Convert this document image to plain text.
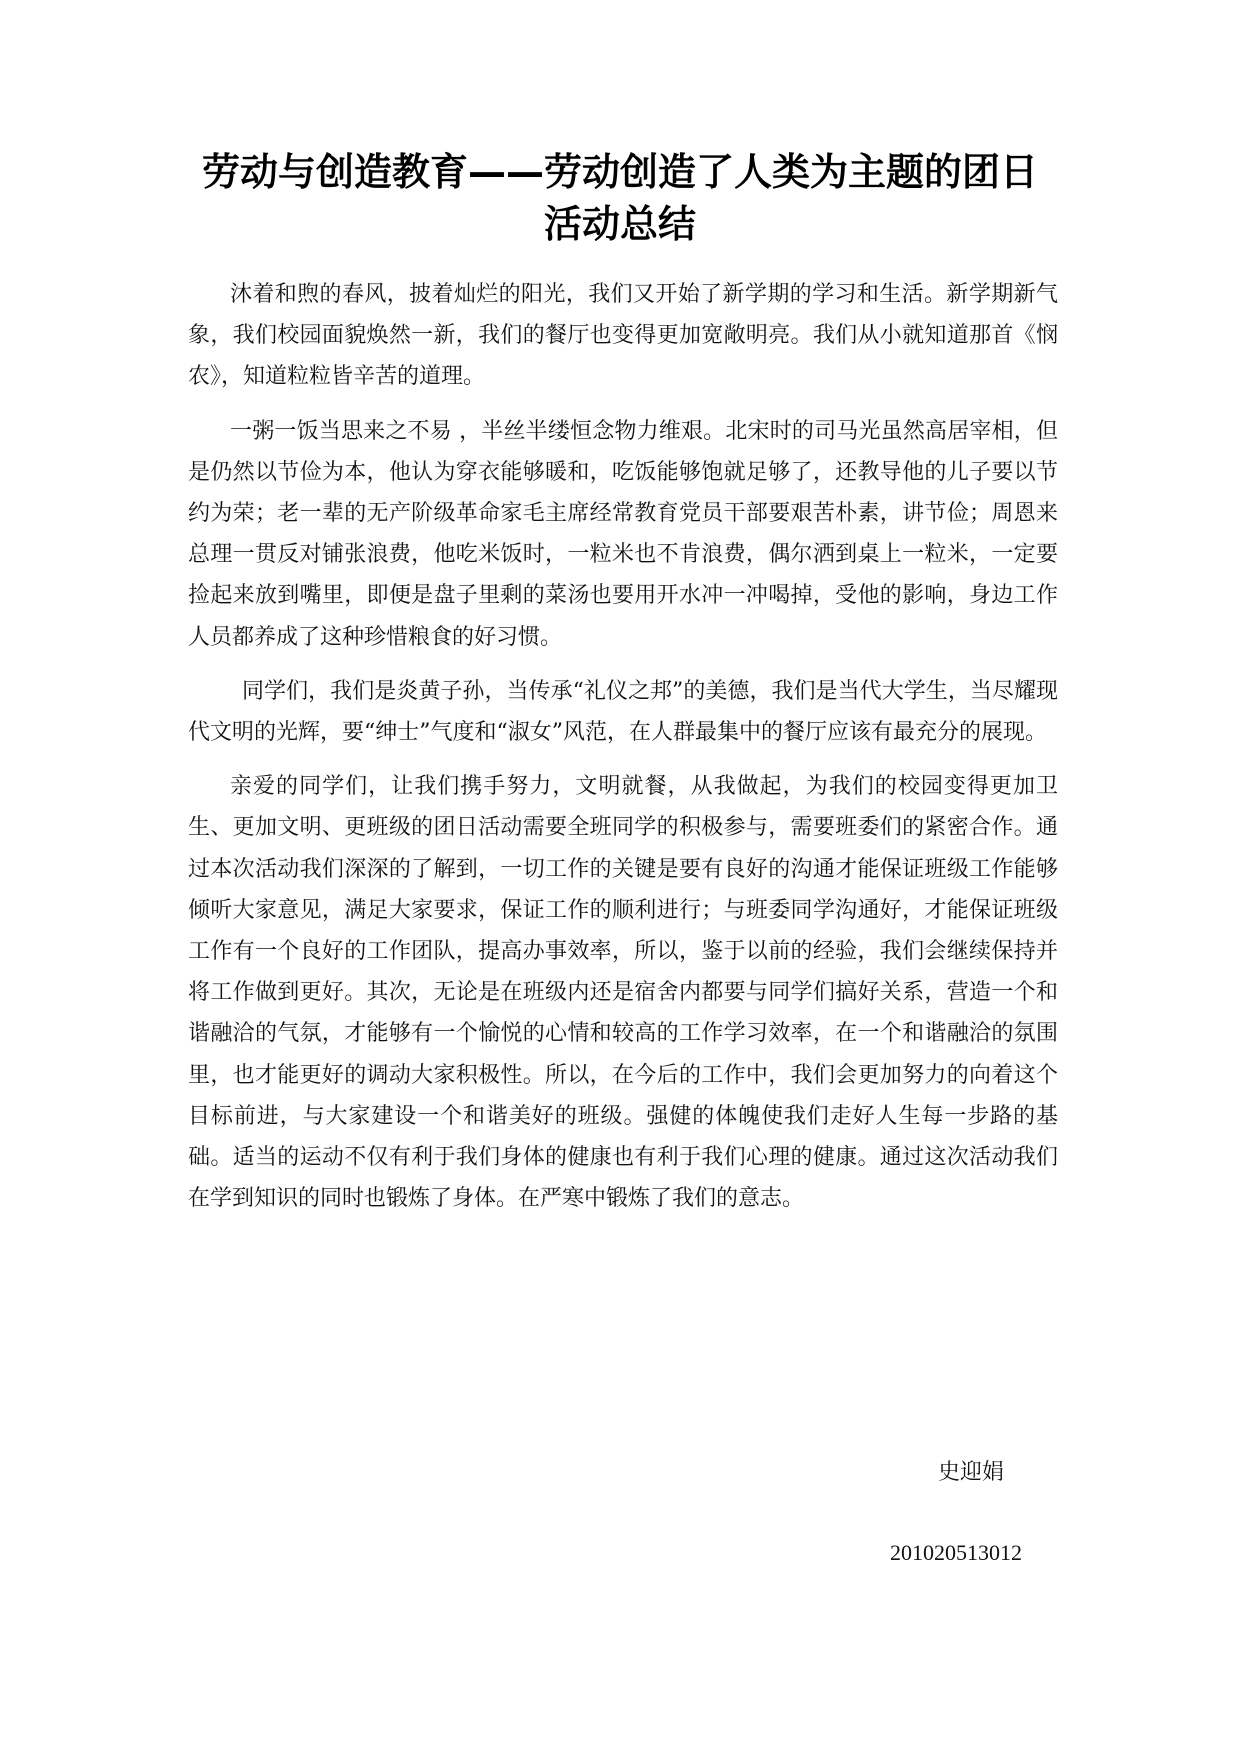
劳动与创造教育——劳动创造了人类为主题的团日
活动总结

沐着和煦的春风，披着灿烂的阳光，我们又开始了新学期的学习和生活。新学期新气象，我们校园面貌焕然一新，我们的餐厅也变得更加宽敞明亮。我们从小就知道那首《悯农》，知道粒粒皆辛苦的道理。

一粥一饭当思来之不易 ，半丝半缕恒念物力维艰。北宋时的司马光虽然高居宰相，但是仍然以节俭为本，他认为穿衣能够暖和，吃饭能够饱就足够了，还教导他的儿子要以节约为荣；老一辈的无产阶级革命家毛主席经常教育党员干部要艰苦朴素，讲节俭；周恩来总理一贯反对铺张浪费，他吃米饭时，一粒米也不肯浪费，偶尔洒到桌上一粒米，一定要捡起来放到嘴里，即便是盘子里剩的菜汤也要用开水冲一冲喝掉，受他的影响，身边工作人员都养成了这种珍惜粮食的好习惯。

同学们，我们是炎黄子孙，当传承“礼仪之邦”的美德，我们是当代大学生，当尽耀现代文明的光辉，要“绅士”气度和“淑女”风范，在人群最集中的餐厅应该有最充分的展现。

亲爱的同学们，让我们携手努力，文明就餐，从我做起，为我们的校园变得更加卫生、更加文明、更班级的团日活动需要全班同学的积极参与，需要班委们的紧密合作。通过本次活动我们深深的了解到，一切工作的关键是要有良好的沟通才能保证班级工作能够倾听大家意见，满足大家要求，保证工作的顺利进行；与班委同学沟通好，才能保证班级工作有一个良好的工作团队，提高办事效率，所以，鉴于以前的经验，我们会继续保持并将工作做到更好。其次，无论是在班级内还是宿舍内都要与同学们搞好关系，营造一个和谐融洽的气氛，才能够有一个愉悦的心情和较高的工作学习效率，在一个和谐融洽的氛围里，也才能更好的调动大家积极性。所以，在今后的工作中，我们会更加努力的向着这个目标前进，与大家建设一个和谐美好的班级。强健的体魄使我们走好人生每一步路的基础。适当的运动不仅有利于我们身体的健康也有利于我们心理的健康。通过这次活动我们在学到知识的同时也锻炼了身体。在严寒中锻炼了我们的意志。

史迎娟
201020513012
